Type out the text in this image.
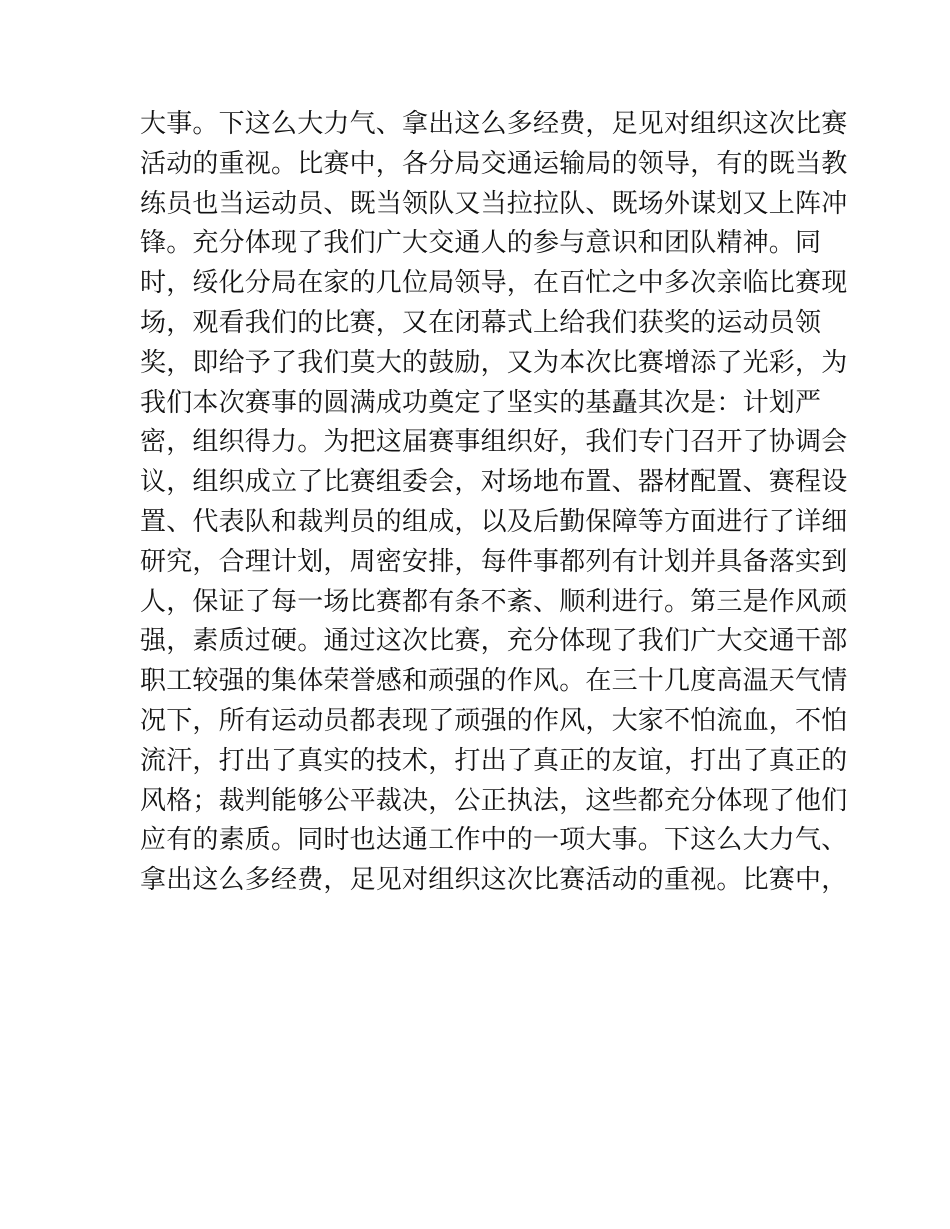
大事。下这么大力气、拿出这么多经费，足见对组织这次比赛
活动的重视。比赛中，各分局交通运输局的领导，有的既当教
练员也当运动员、既当领队又当拉拉队、既场外谋划又上阵冲
锋。充分体现了我们广大交通人的参与意识和团队精神。同
时，绥化分局在家的几位局领导，在百忙之中多次亲临比赛现
场，观看我们的比赛，又在闭幕式上给我们获奖的运动员领
奖，即给予了我们莫大的鼓励，又为本次比赛增添了光彩，为
我们本次赛事的圆满成功奠定了坚实的基矗其次是：计划严
密，组织得力。为把这届赛事组织好，我们专门召开了协调会
议，组织成立了比赛组委会，对场地布置、器材配置、赛程设
置、代表队和裁判员的组成，以及后勤保障等方面进行了详细
研究，合理计划，周密安排，每件事都列有计划并具备落实到
人，保证了每一场比赛都有条不紊、顺利进行。第三是作风顽
强，素质过硬。通过这次比赛，充分体现了我们广大交通干部
职工较强的集体荣誉感和顽强的作风。在三十几度高温天气情
况下，所有运动员都表现了顽强的作风，大家不怕流血，不怕
流汗，打出了真实的技术，打出了真正的友谊，打出了真正的
风格；裁判能够公平裁决，公正执法，这些都充分体现了他们
应有的素质。同时也达通工作中的一项大事。下这么大力气、
拿出这么多经费，足见对组织这次比赛活动的重视。比赛中，
